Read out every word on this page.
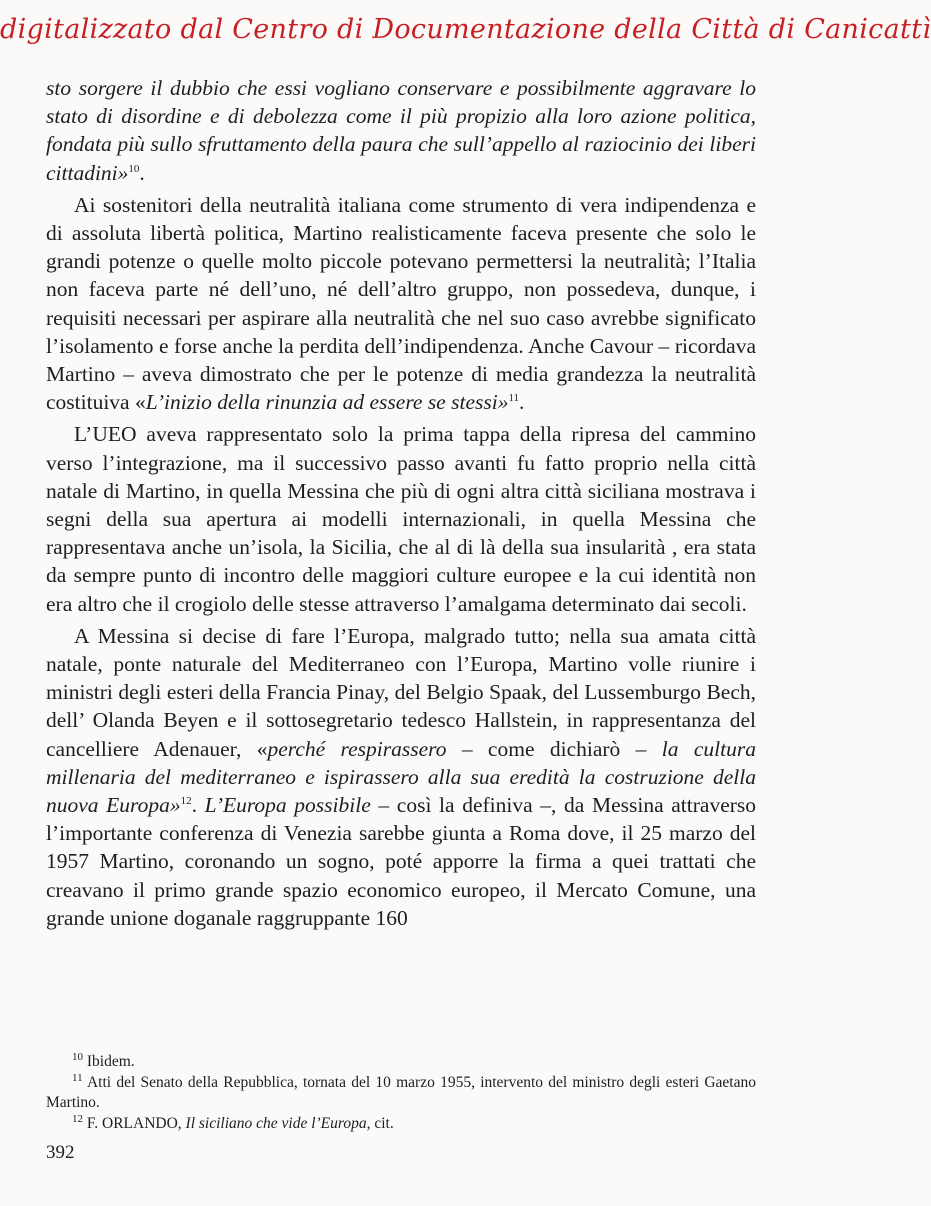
digitalizzato dal Centro di Documentazione della Città di Canicattì

sto sorgere il dubbio che essi vogliano conservare e possibilmente aggravare lo stato di disordine e di debolezza come il più propizio alla loro azione politica, fondata più sullo sfruttamento della paura che sull’appello al raziocinio dei liberi cittadini»$^{10}$.

Ai sostenitori della neutralità italiana come strumento di vera indipendenza e di assoluta libertà politica, Martino realisticamente faceva presente che solo le grandi potenze o quelle molto piccole potevano permettersi la neutralità; l’Italia non faceva parte né dell’uno, né dell’altro gruppo, non possedeva, dunque, i requisiti necessari per aspirare alla neutralità che nel suo caso avrebbe significato l’isolamento e forse anche la perdita dell’indipendenza. Anche Cavour – ricordava Martino – aveva dimostrato che per le potenze di media grandezza la neutralità costituiva «L’inizio della rinunzia ad essere se stessi»$^{11}$.

L’UEO aveva rappresentato solo la prima tappa della ripresa del cammino verso l’integrazione, ma il successivo passo avanti fu fatto proprio nella città natale di Martino, in quella Messina che più di ogni altra città siciliana mostrava i segni della sua apertura ai modelli internazionali, in quella Messina che rappresentava anche un’isola, la Sicilia, che al di là della sua insularità , era stata da sempre punto di incontro delle maggiori culture europee e la cui identità non era altro che il crogiolo delle stesse attraverso l’amalgama determinato dai secoli.

A Messina si decise di fare l’Europa, malgrado tutto; nella sua amata città natale, ponte naturale del Mediterraneo con l’Europa, Martino volle riunire i ministri degli esteri della Francia Pinay, del Belgio Spaak, del Lussemburgo Bech, dell’ Olanda Beyen e il sottosegretario tedesco Hallstein, in rappresentanza del cancelliere Adenauer, «perché respirassero – come dichiarò – la cultura millenaria del mediterraneo e ispirassero alla sua eredità la costruzione della nuova Europa»$^{12}$. L’Europa possibile – così la definiva –, da Messina attraverso l’importante conferenza di Venezia sarebbe giunta a Roma dove, il 25 marzo del 1957 Martino, coronando un sogno, poté apporre la firma a quei trattati che creavano il primo grande spazio economico europeo, il Mercato Comune, una grande unione doganale raggruppante 160

$^{10}$ Ibidem.

$^{11}$ Atti del Senato della Repubblica, tornata del 10 marzo 1955, intervento del ministro degli esteri Gaetano Martino.

$^{12}$ F. ORLANDO, Il siciliano che vide l’Europa, cit.

392
